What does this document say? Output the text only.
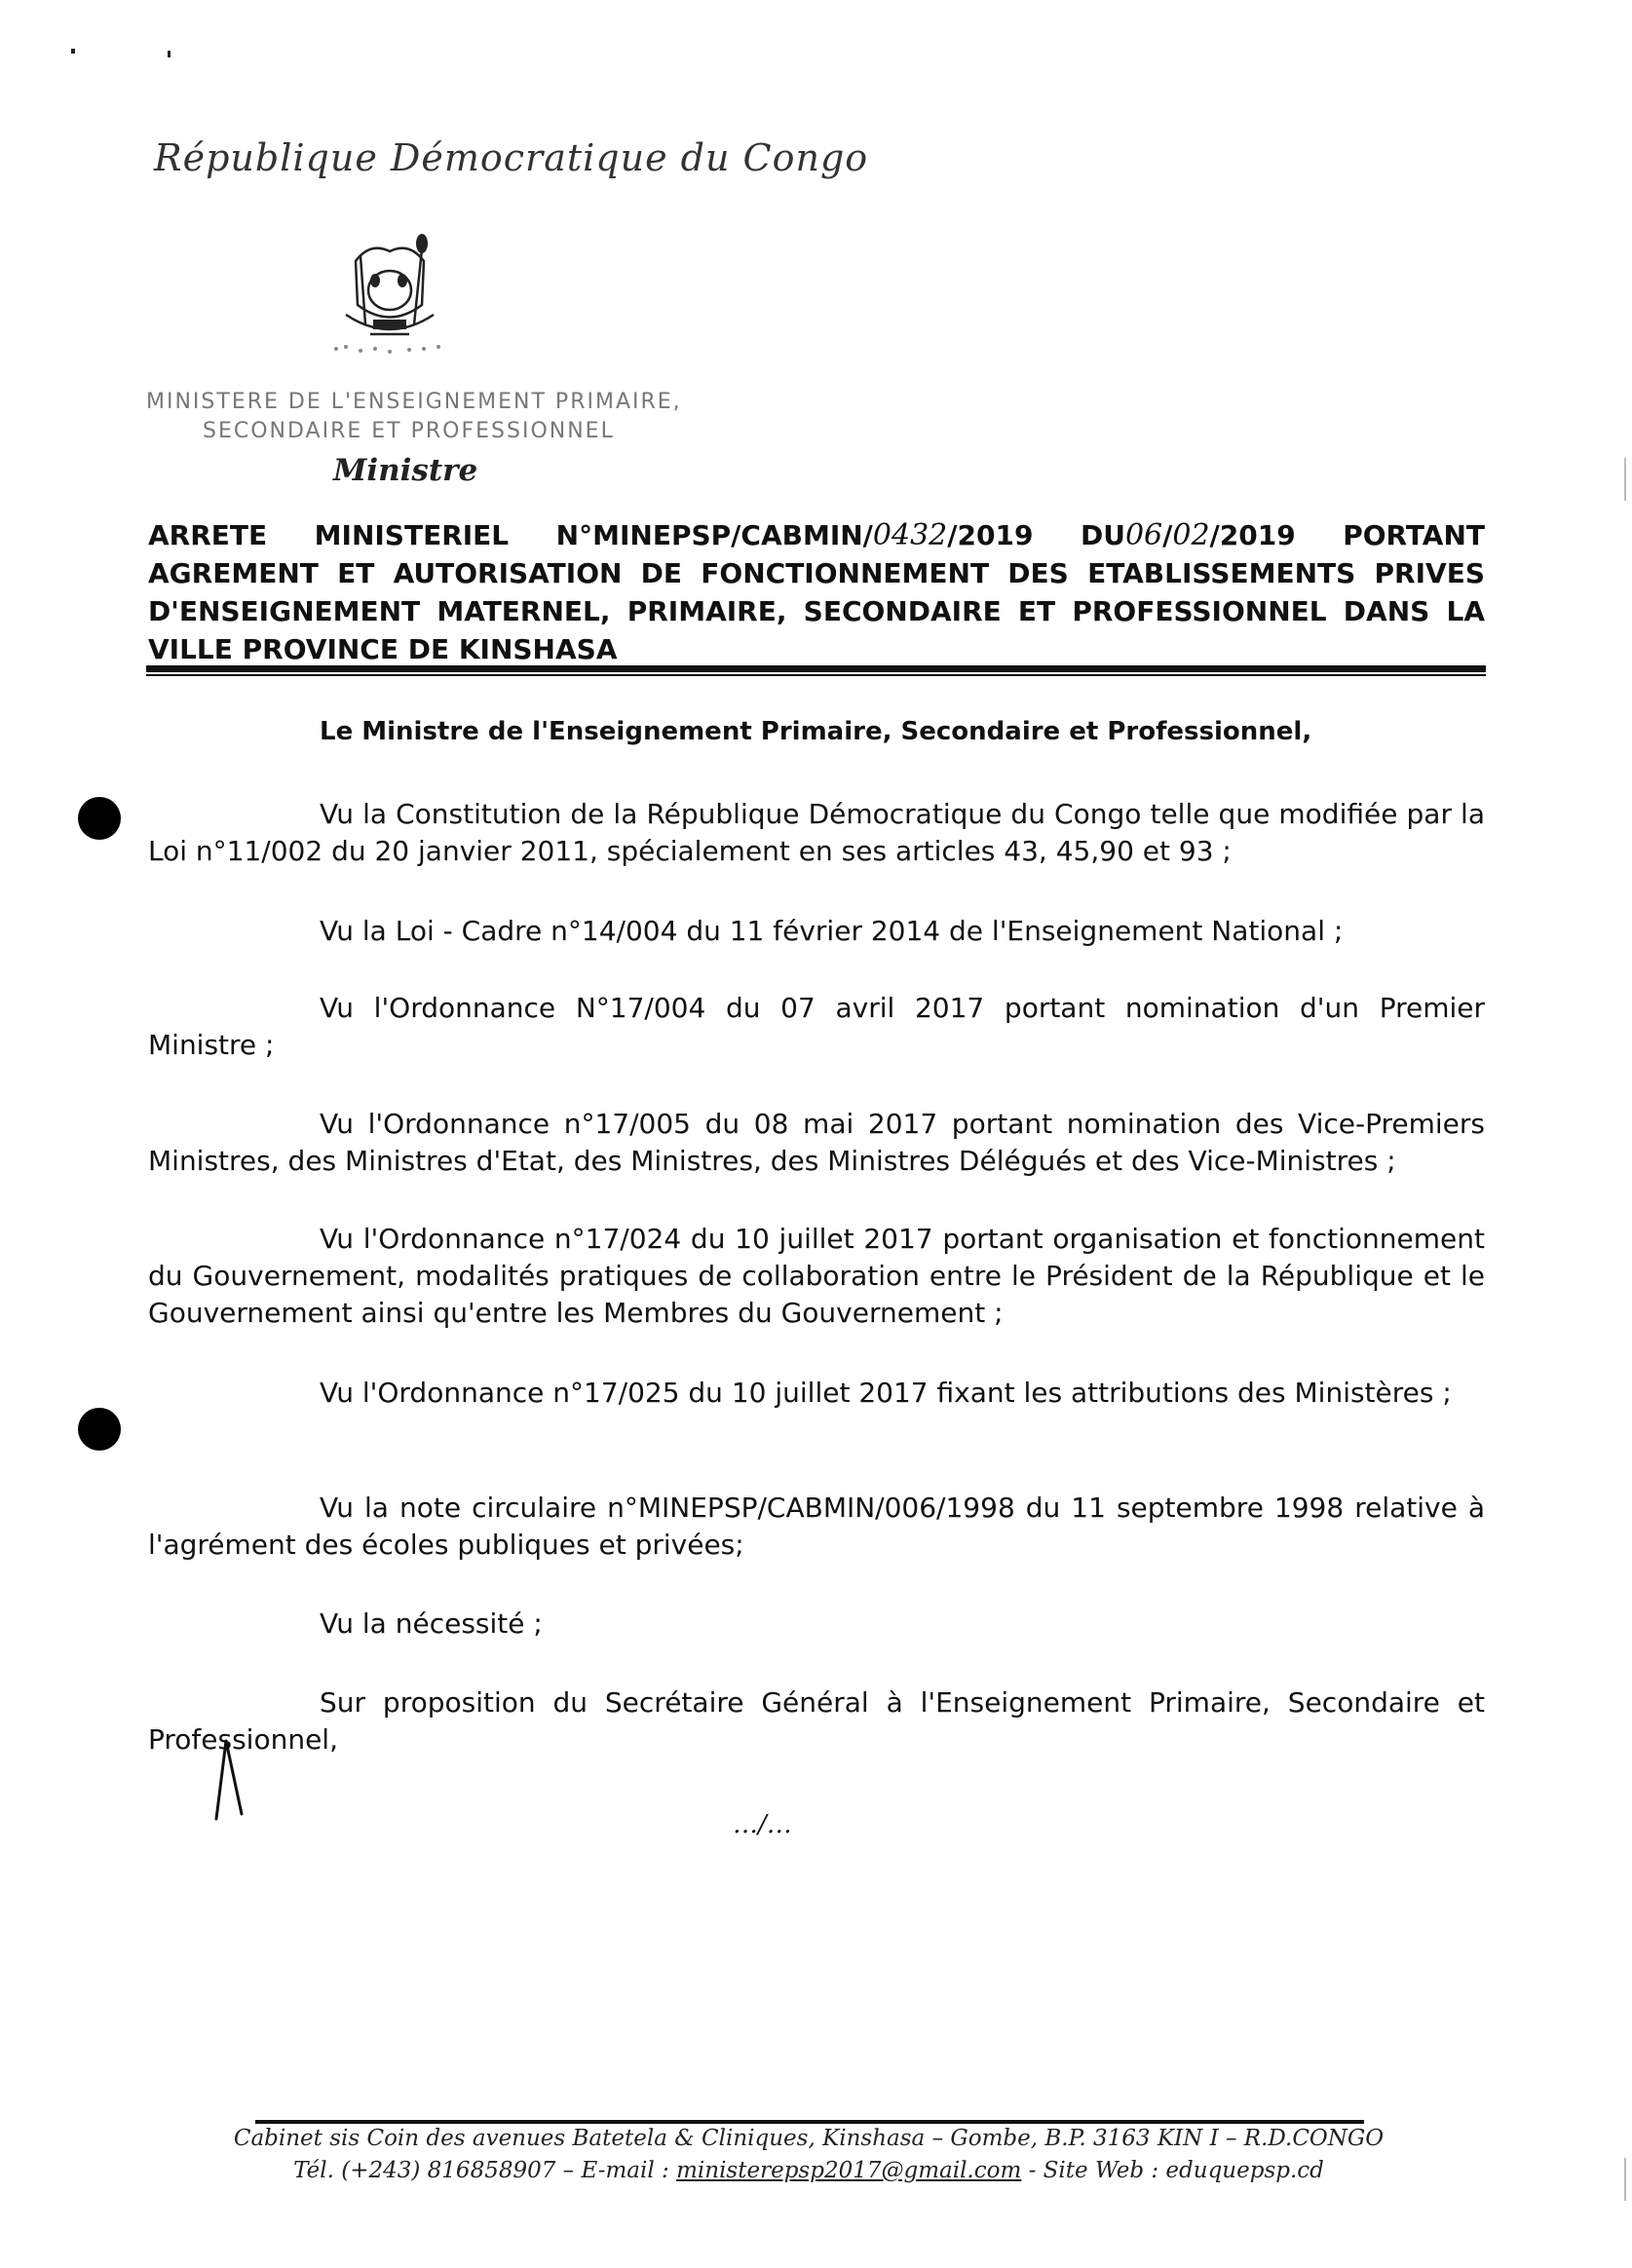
République Démocratique du Congo
MINISTERE DE L'ENSEIGNEMENT PRIMAIRE,
SECONDAIRE ET PROFESSIONNEL
Ministre
ARRETE MINISTERIEL N°MINEPSP/CABMIN/0432/2019 DU06/02/2019 PORTANT AGREMENT ET AUTORISATION DE FONCTIONNEMENT DES ETABLISSEMENTS PRIVES D'ENSEIGNEMENT MATERNEL, PRIMAIRE, SECONDAIRE ET PROFESSIONNEL DANS LA VILLE PROVINCE DE KINSHASA
Le Ministre de l'Enseignement Primaire, Secondaire et Professionnel,
Vu la Constitution de la République Démocratique du Congo telle que modifiée par la Loi n°11/002 du 20 janvier 2011, spécialement en ses articles 43, 45,90 et 93 ;
Vu la Loi - Cadre n°14/004 du 11 février 2014 de l'Enseignement National ;
Vu l'Ordonnance N°17/004 du 07 avril 2017 portant nomination d'un Premier Ministre ;
Vu l'Ordonnance n°17/005 du 08 mai 2017 portant nomination des Vice-Premiers Ministres, des Ministres d'Etat, des Ministres, des Ministres Délégués et des Vice-Ministres ;
Vu l'Ordonnance n°17/024 du 10 juillet 2017 portant organisation et fonctionnement du Gouvernement, modalités pratiques de collaboration entre le Président de la République et le Gouvernement ainsi qu'entre les Membres du Gouvernement ;
Vu l'Ordonnance n°17/025 du 10 juillet 2017 fixant les attributions des Ministères ;
Vu la note circulaire n°MINEPSP/CABMIN/006/1998 du 11 septembre 1998 relative à l'agrément des écoles publiques et privées;
Vu la nécessité ;
Sur proposition du Secrétaire Général à l'Enseignement Primaire, Secondaire et Professionnel,
…/…
Cabinet sis Coin des avenues Batetela & Cliniques, Kinshasa – Gombe, B.P. 3163 KIN I – R.D.CONGO
Tél. (+243) 816858907 – E-mail : ministerepsp2017@gmail.com - Site Web : eduquepsp.cd
